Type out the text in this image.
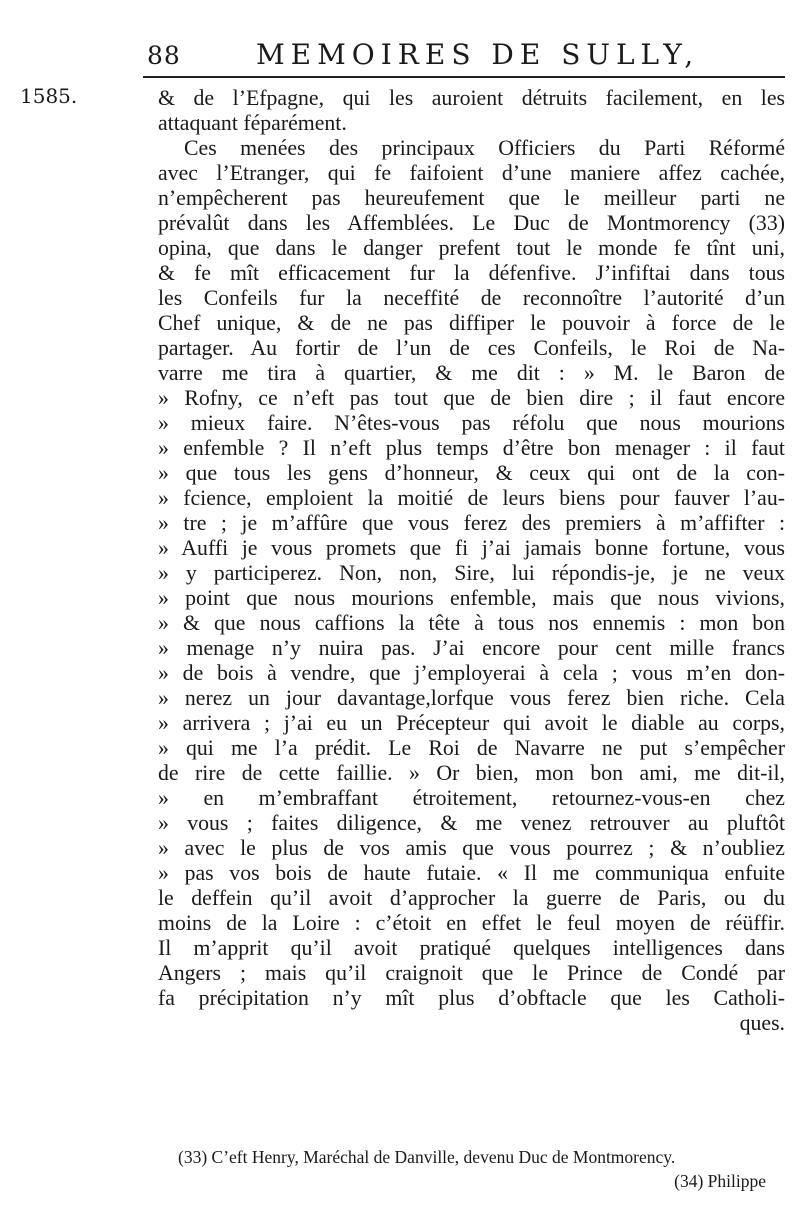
88	MEMOIRES DE SULLY,
1585.	& de l’Efpagne, qui les auroient détruits facilement, en les
attaquant féparément.
Ces menées des principaux Officiers du Parti Réformé
avec l’Etranger, qui fe faifoient d’une maniere affez cachée,
n’empêcherent pas heureufement que le meilleur parti ne
prévalût dans les Affemblées. Le Duc de Montmorency (33)
opina, que dans le danger prefent tout le monde fe tînt uni,
& fe mît efficacement fur la défenfive. J’infiftai dans tous
les Confeils fur la neceffité de reconnoître l’autorité d’un
Chef unique, & de ne pas diffiper le pouvoir à force de le
partager. Au fortir de l’un de ces Confeils, le Roi de Na-
varre me tira à quartier, & me dit : » M. le Baron de
» Rofny, ce n’eft pas tout que de bien dire ; il faut encore
» mieux faire. N’êtes-vous pas réfolu que nous mourions
» enfemble ? Il n’eft plus temps d’être bon menager : il faut
» que tous les gens d’honneur, & ceux qui ont de la con-
» fcience, emploient la moitié de leurs biens pour fauver l’au-
» tre ; je m’affûre que vous ferez des premiers à m’affifter :
» Auffi je vous promets que fi j’ai jamais bonne fortune, vous
» y participerez. Non, non, Sire, lui répondis-je, je ne veux
» point que nous mourions enfemble, mais que nous vivions,
» & que nous caffions la tête à tous nos ennemis : mon bon
» menage n’y nuira pas. J’ai encore pour cent mille francs
» de bois à vendre, que j’employerai à cela ; vous m’en don-
» nerez un jour davantage,lorfque vous ferez bien riche. Cela
» arrivera ; j’ai eu un Précepteur qui avoit le diable au corps,
» qui me l’a prédit. Le Roi de Navarre ne put s’empêcher
de rire de cette faillie. » Or bien, mon bon ami, me dit-il,
» en m’embraffant étroitement, retournez-vous-en chez
» vous ; faites diligence, & me venez retrouver au pluftôt
» avec le plus de vos amis que vous pourrez ; & n’oubliez
» pas vos bois de haute futaie. « Il me communiqua enfuite
le deffein qu’il avoit d’approcher la guerre de Paris, ou du
moins de la Loire : c’étoit en effet le feul moyen de réüffir.
Il m’apprit qu’il avoit pratiqué quelques intelligences dans
Angers ; mais qu’il craignoit que le Prince de Condé par
fa précipitation n’y mît plus d’obftacle que les Catholi-
ques.
(33) C’eft Henry, Maréchal de Danville, devenu Duc de Montmorency.
(34) Philippe
